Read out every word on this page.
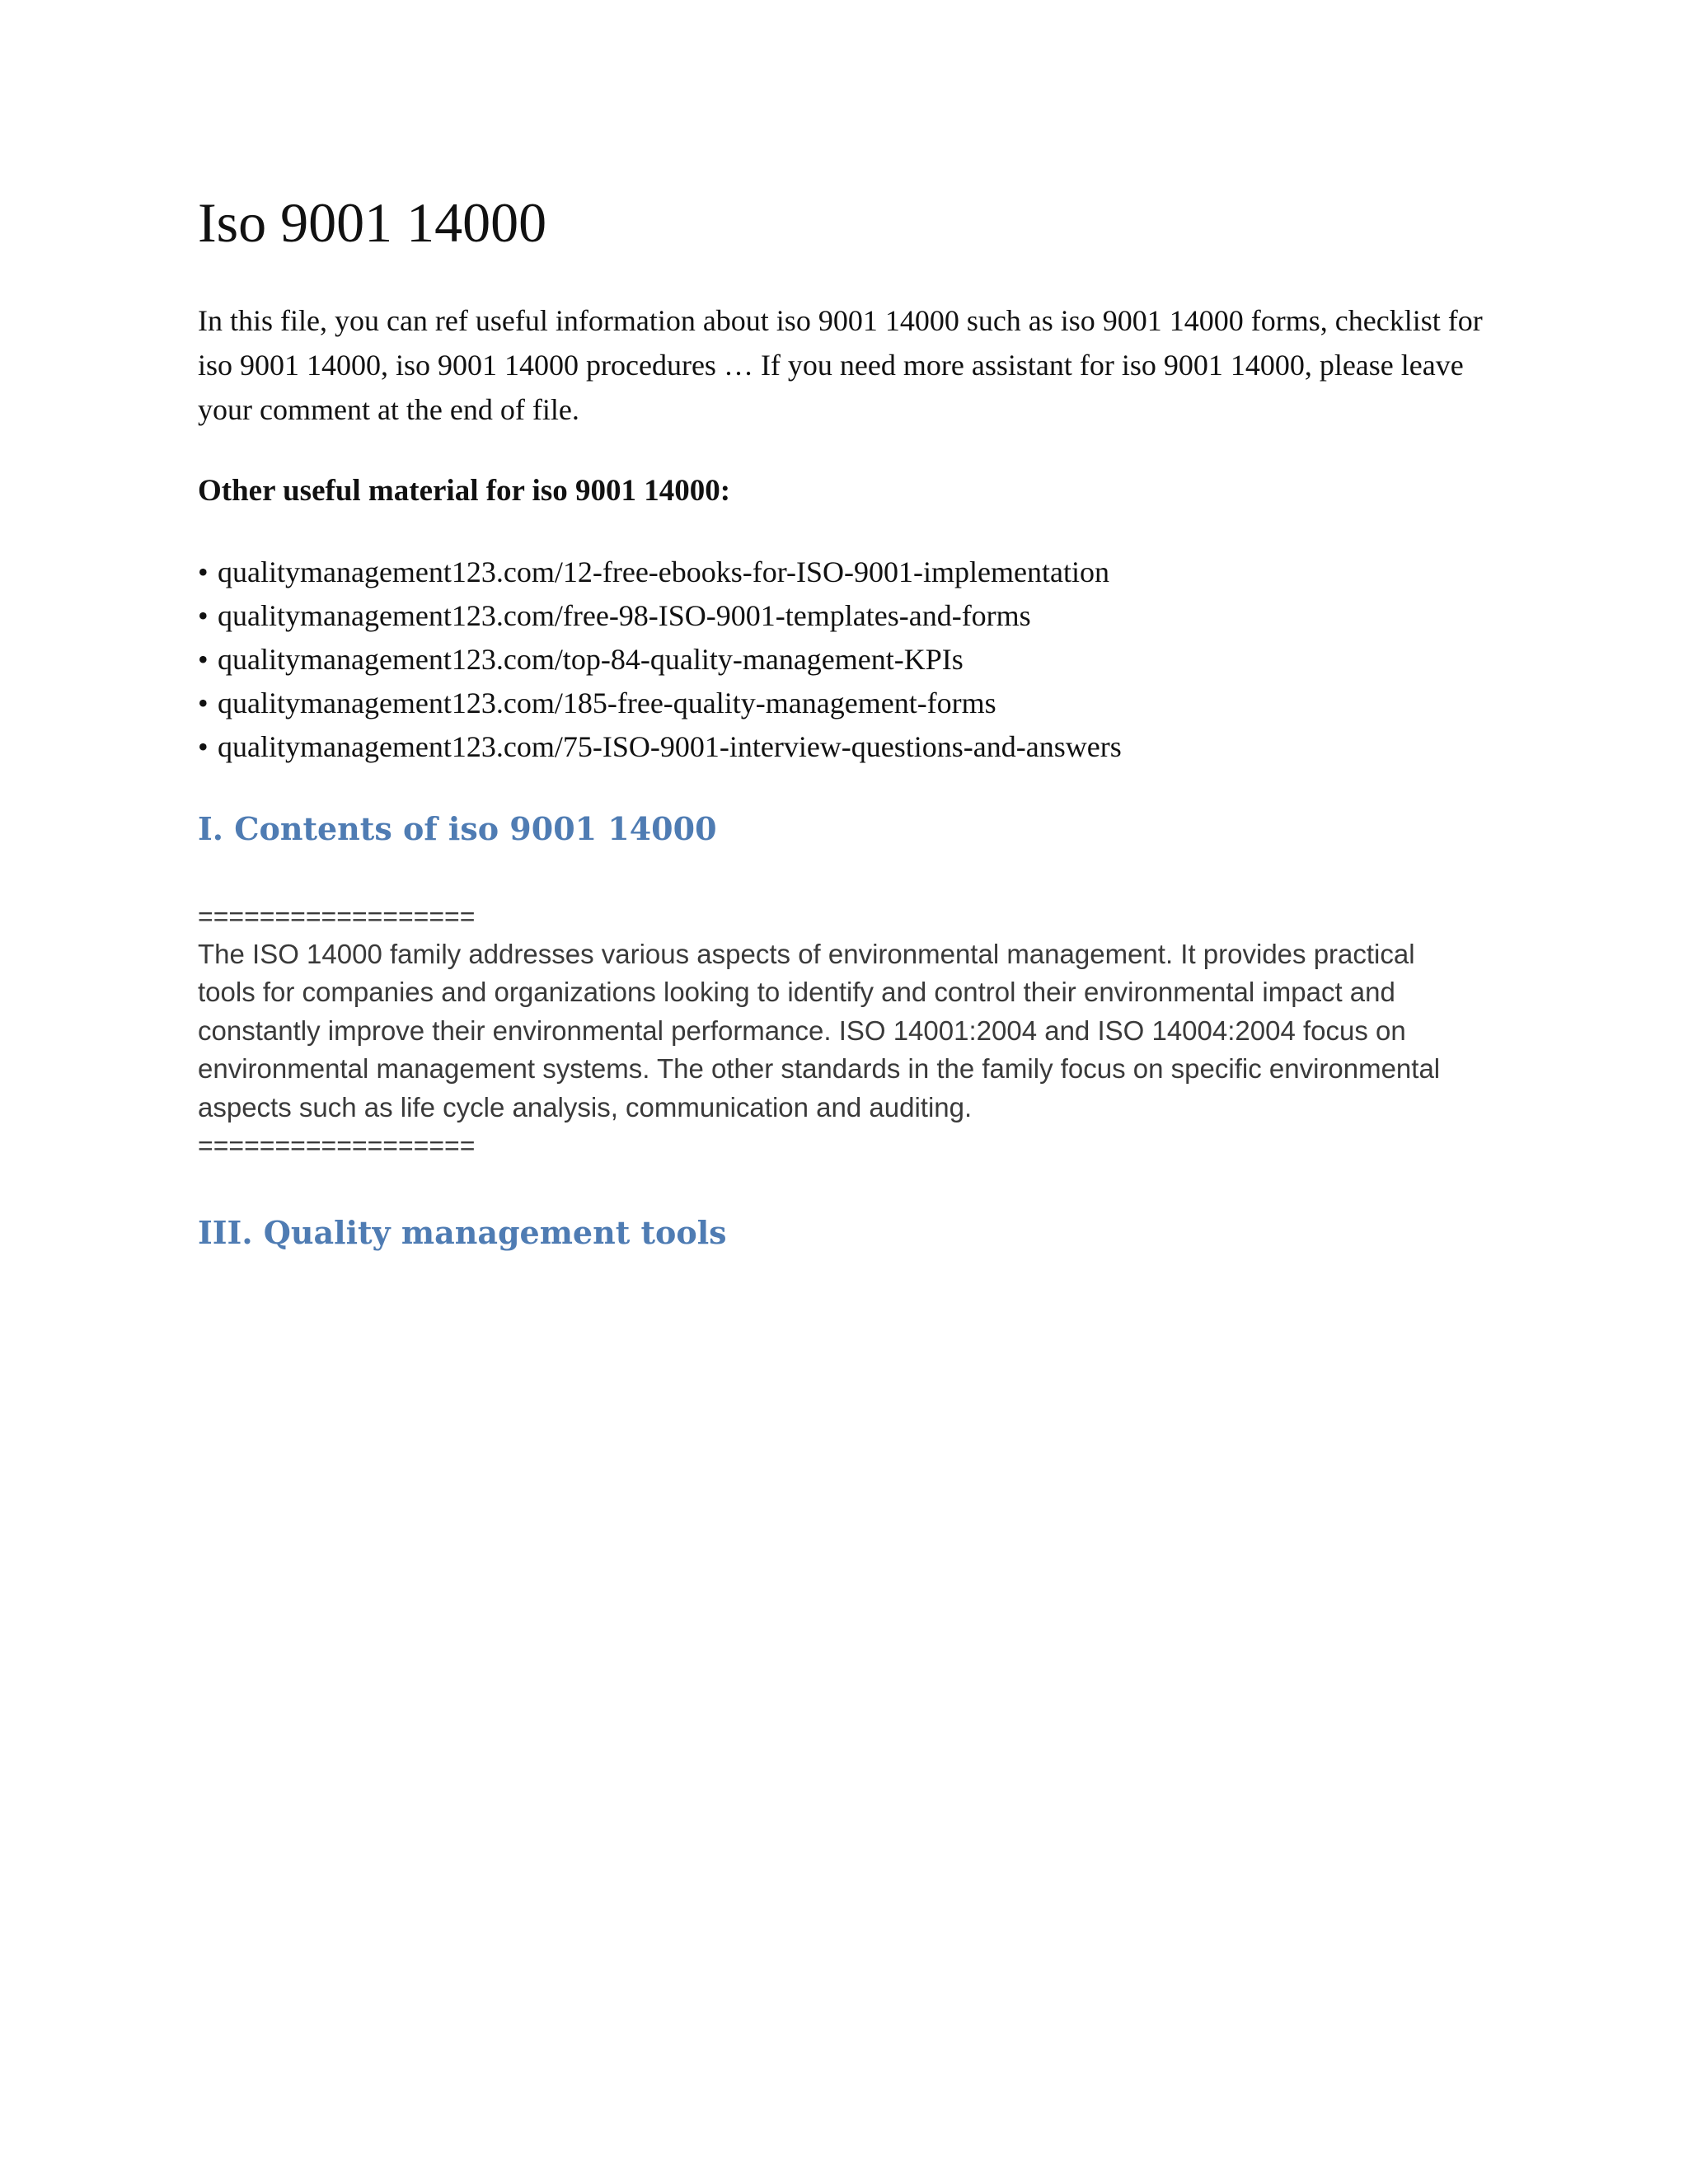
Iso 9001 14000

In this file, you can ref useful information about iso 9001 14000 such as iso 9001 14000 forms, checklist for iso 9001 14000, iso 9001 14000 procedures … If you need more assistant for iso 9001 14000, please leave your comment at the end of file.

Other useful material for iso 9001 14000:
• qualitymanagement123.com/12-free-ebooks-for-ISO-9001-implementation
• qualitymanagement123.com/free-98-ISO-9001-templates-and-forms
• qualitymanagement123.com/top-84-quality-management-KPIs
• qualitymanagement123.com/185-free-quality-management-forms
• qualitymanagement123.com/75-ISO-9001-interview-questions-and-answers
I. Contents of iso 9001 14000
==================

The ISO 14000 family addresses various aspects of environmental management. It provides practical tools for companies and organizations looking to identify and control their environmental impact and constantly improve their environmental performance. ISO 14001:2004 and ISO 14004:2004 focus on environmental management systems. The other standards in the family focus on specific environmental aspects such as life cycle analysis, communication and auditing.

==================
III. Quality management tools
